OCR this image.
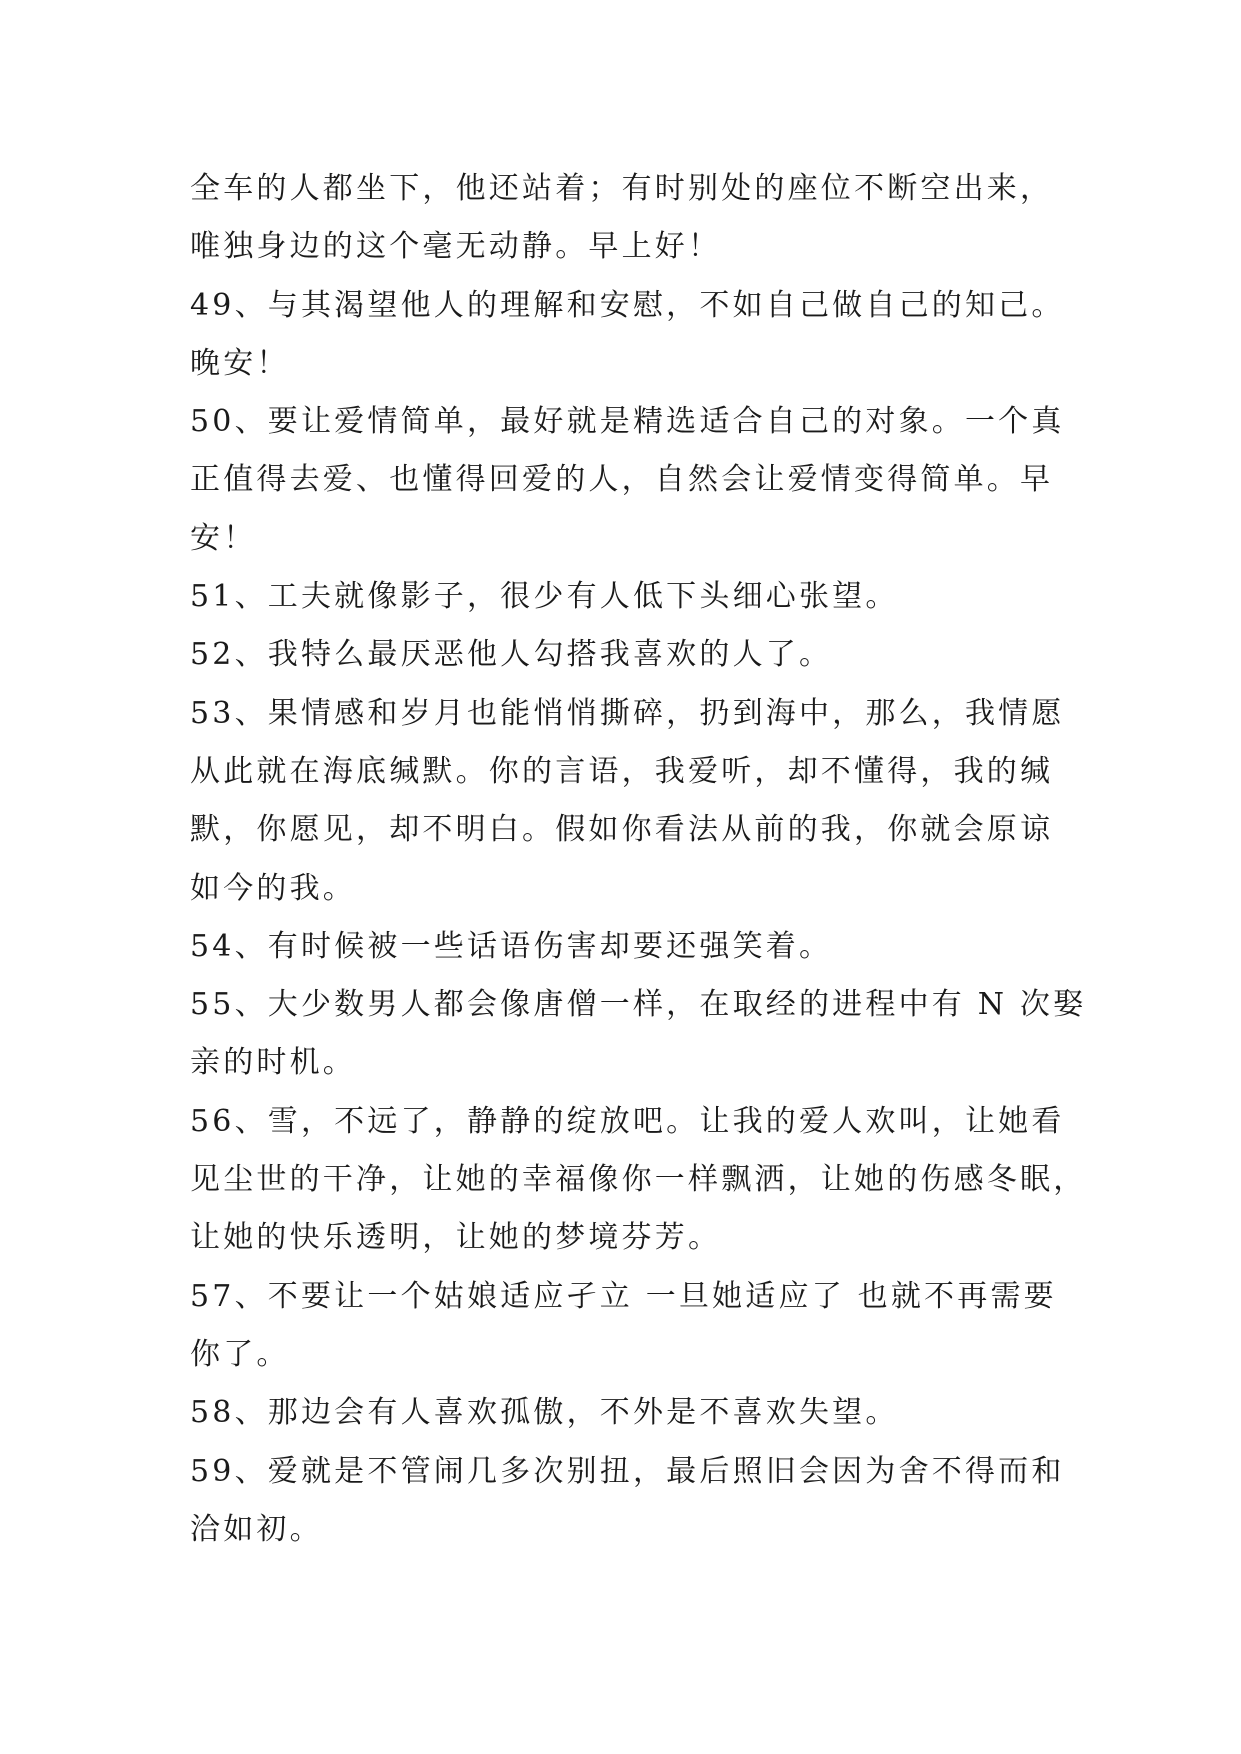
全车的人都坐下，他还站着；有时别处的座位不断空出来，
唯独身边的这个毫无动静。早上好！
49、与其渴望他人的理解和安慰，不如自己做自己的知己。
晚安！
50、要让爱情简单，最好就是精选适合自己的对象。一个真
正值得去爱、也懂得回爱的人，自然会让爱情变得简单。早
安！
51、工夫就像影子，很少有人低下头细心张望。
52、我特么最厌恶他人勾搭我喜欢的人了。
53、果情感和岁月也能悄悄撕碎，扔到海中，那么，我情愿
从此就在海底缄默。你的言语，我爱听，却不懂得，我的缄
默，你愿见，却不明白。假如你看法从前的我，你就会原谅
如今的我。
54、有时候被一些话语伤害却要还强笑着。
55、大少数男人都会像唐僧一样，在取经的进程中有 N 次娶
亲的时机。
56、雪，不远了，静静的绽放吧。让我的爱人欢叫，让她看
见尘世的干净，让她的幸福像你一样飘洒，让她的伤感冬眠，
让她的快乐透明，让她的梦境芬芳。
57、不要让一个姑娘适应孑立 一旦她适应了 也就不再需要
你了。
58、那边会有人喜欢孤傲，不外是不喜欢失望。
59、爱就是不管闹几多次别扭，最后照旧会因为舍不得而和
洽如初。
